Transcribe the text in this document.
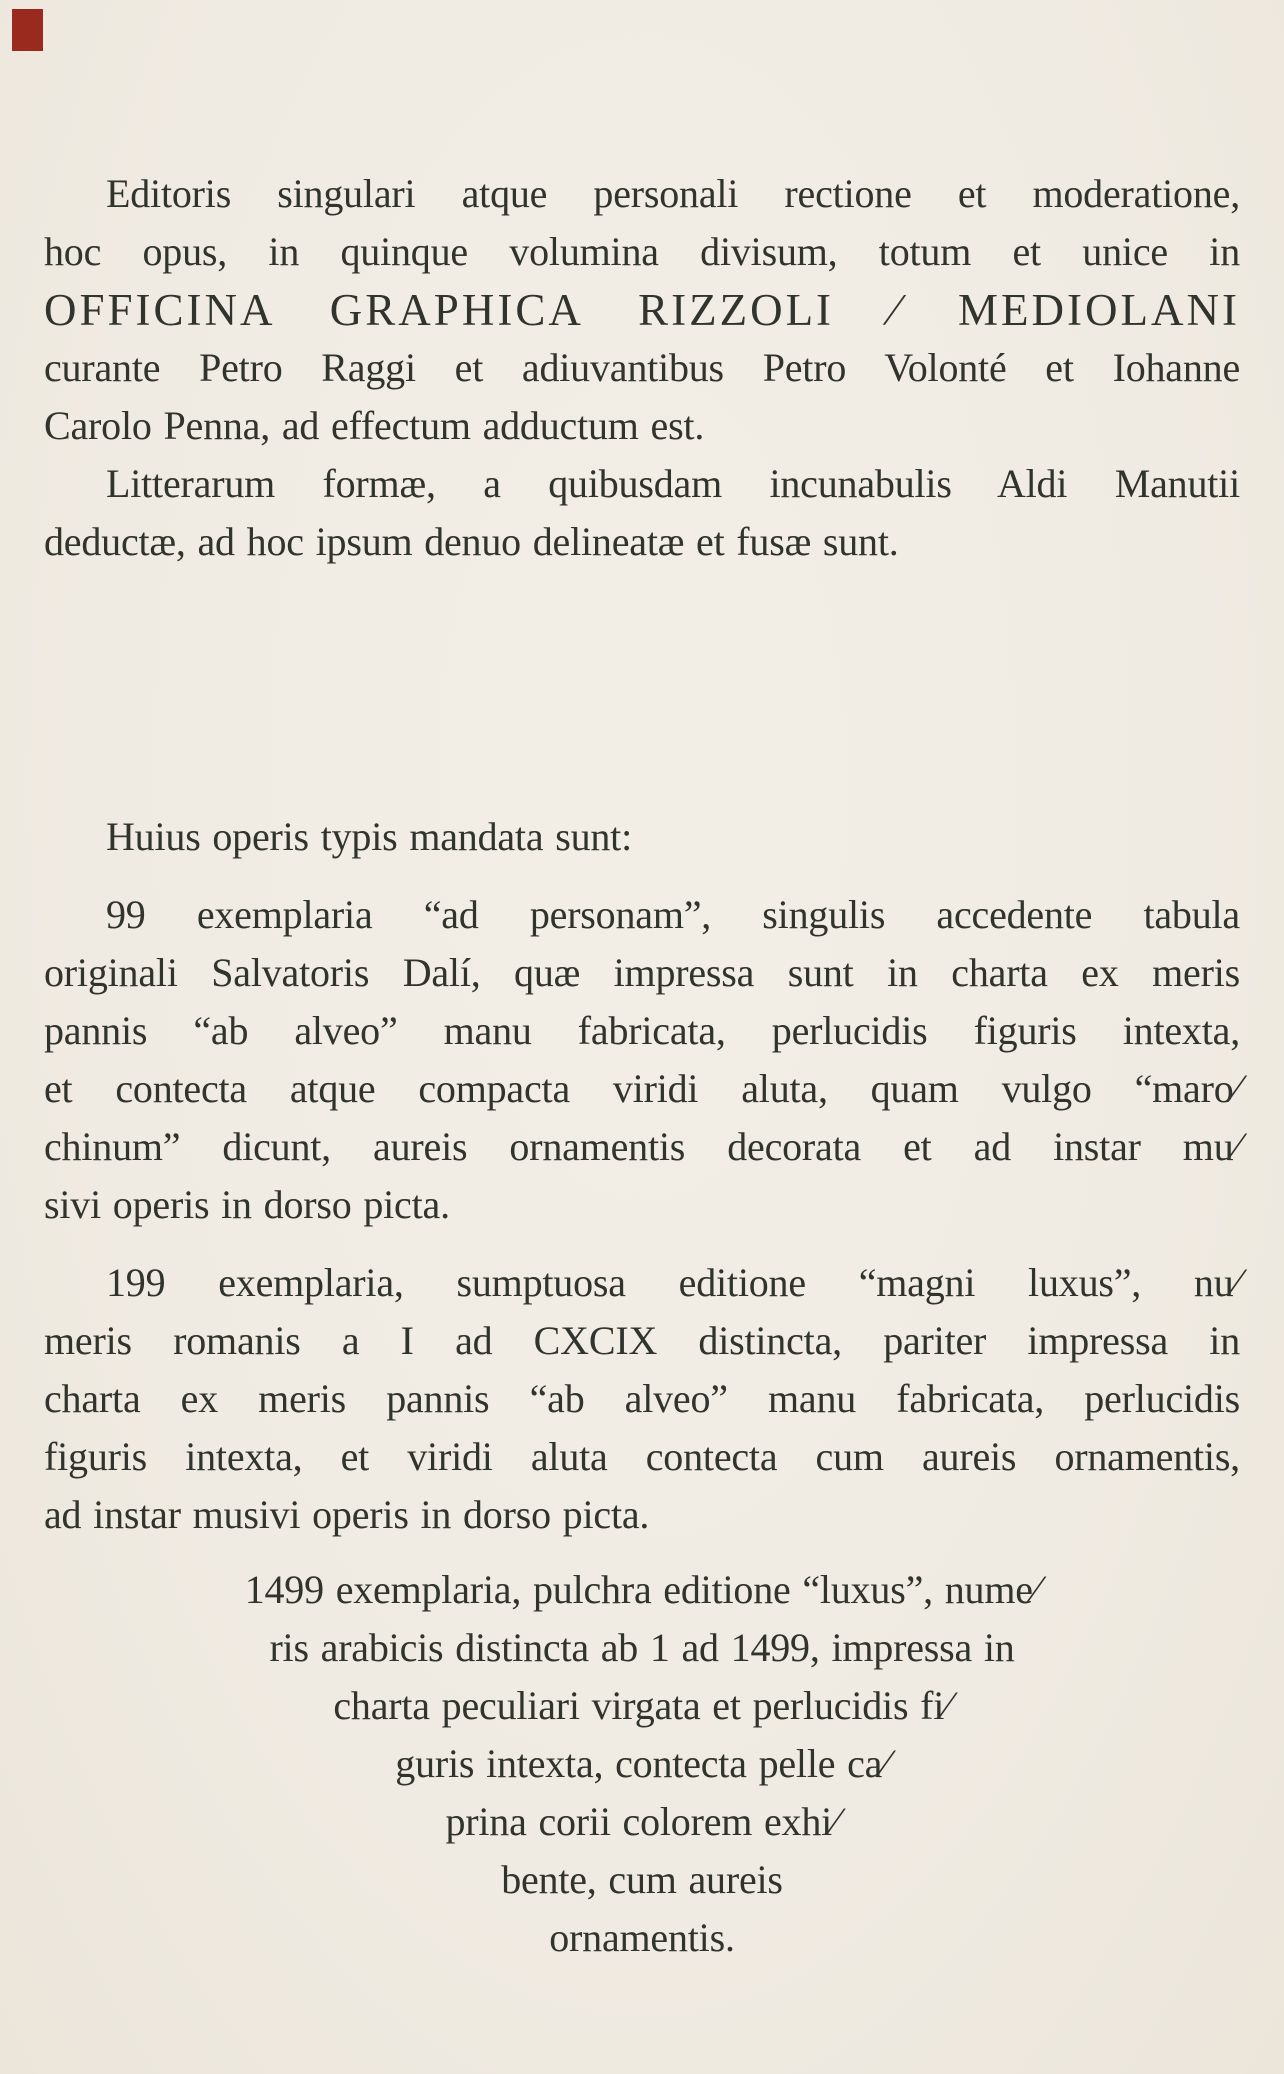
Editoris singulari atque personali rectione et moderatione,
hoc opus, in quinque volumina divisum, totum et unice in
OFFICINA GRAPHICA RIZZOLI ⁄ MEDIOLANI
curante Petro Raggi et adiuvantibus Petro Volonté et Iohanne
Carolo Penna, ad effectum adductum est.
Litterarum formæ, a quibusdam incunabulis Aldi Manutii
deductæ, ad hoc ipsum denuo delineatæ et fusæ sunt.
Huius operis typis mandata sunt:
99 exemplaria “ad personam”, singulis accedente tabula
originali Salvatoris Dalí, quæ impressa sunt in charta ex meris
pannis “ab alveo” manu fabricata, perlucidis figuris intexta,
et contecta atque compacta viridi aluta, quam vulgo “maro⁄
chinum” dicunt, aureis ornamentis decorata et ad instar mu⁄
sivi operis in dorso picta.
199 exemplaria, sumptuosa editione “magni luxus”, nu⁄
meris romanis a I ad CXCIX distincta, pariter impressa in
charta ex meris pannis “ab alveo” manu fabricata, perlucidis
figuris intexta, et viridi aluta contecta cum aureis ornamentis,
ad instar musivi operis in dorso picta.
1499 exemplaria, pulchra editione “luxus”, nume⁄
ris arabicis distincta ab 1 ad 1499, impressa in
charta peculiari virgata et perlucidis fi⁄
guris intexta, contecta pelle ca⁄
prina corii colorem exhi⁄
bente, cum aureis
ornamentis.
